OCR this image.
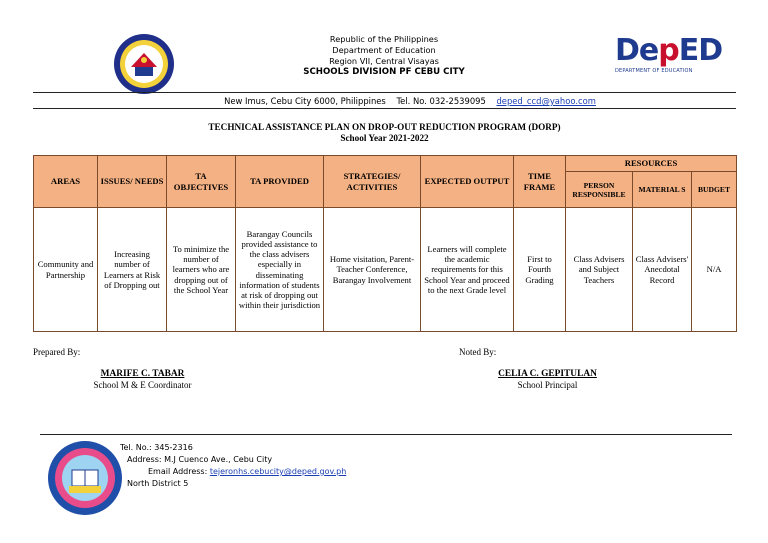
Republic of the Philippines
Department of Education
Region VII, Central Visayas
SCHOOLS DIVISION PF CEBU CITY
DepED
DEPARTMENT OF EDUCATION
New Imus, Cebu City 6000, Philippines Tel. No. 032-2539095 deped_ccd@yahoo.com
TECHNICAL ASSISTANCE PLAN ON DROP-OUT REDUCTION PROGRAM (DORP)
School Year 2021-2022
AREAS	ISSUES/ NEEDS	TA OBJECTIVES	TA PROVIDED	STRATEGIES/ ACTIVITIES	EXPECTED OUTPUT	TIME FRAME	RESOURCES		
							PERSON RESPONSIBLE	MATERIAL S	BUDGET
Community and Partnership	Increasing number of Learners at Risk of Dropping out	To minimize the number of learners who are dropping out of the School Year	Barangay Councils provided assistance to the class advisers especially in disseminating information of students at risk of dropping out within their jurisdiction	Home visitation, Parent-Teacher Conference, Barangay Involvement	Learners will complete the academic requirements for this School Year and proceed to the next Grade level	First to Fourth Grading	Class Advisers and Subject Teachers	Class Advisers' Anecdotal Record	N/A
Prepared By:
MARIFE C. TABAR
School M & E Coordinator
Noted By:
CELIA C. GEPITULAN
School Principal
Tel. No.: 345-2316
Address: M.J Cuenco Ave., Cebu City
Email Address: tejeronhs.cebucity@deped.gov.ph
North District 5
